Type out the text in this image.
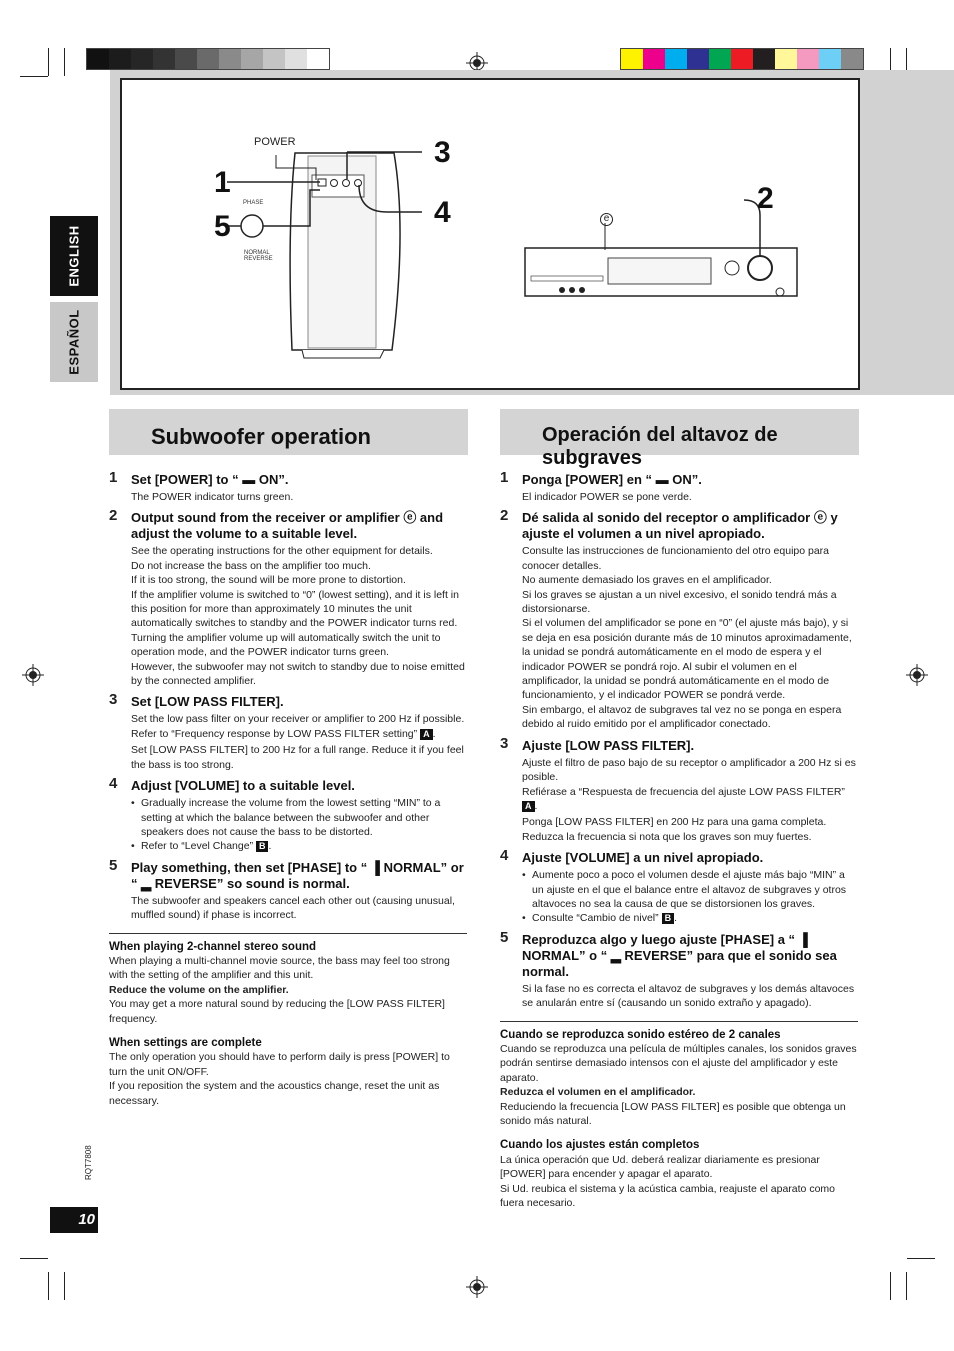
ENGLISH
ESPAÑOL
1
5
3
4	2
POWER
PHASE
NORMAL
REVERSE
e
Subwoofer operation	Operación del altavoz de subgraves
1 Set [POWER] to “ ▬ ON”.
The POWER indicator turns green.
2 Output sound from the receiver or amplifier ⓔ and adjust the volume to a suitable level.
See the operating instructions for the other equipment for details.
Do not increase the bass on the amplifier too much.
If it is too strong, the sound will be more prone to distortion.
If the amplifier volume is switched to “0” (lowest setting), and it is left in this position for more than approximately 10 minutes the unit automatically switches to standby and the POWER indicator turns red. Turning the amplifier volume up will automatically switch the unit to operation mode, and the POWER indicator turns green.
However, the subwoofer may not switch to standby due to noise emitted by the connected amplifier.
3 Set [LOW PASS FILTER].
Set the low pass filter on your receiver or amplifier to 200 Hz if possible.
Refer to “Frequency response by LOW PASS FILTER setting” A .
Set [LOW PASS FILTER] to 200 Hz for a full range. Reduce it if you feel the bass is too strong.
4 Adjust [VOLUME] to a suitable level.
• Gradually increase the volume from the lowest setting “MIN” to a setting at which the balance between the subwoofer and other speakers does not cause the bass to be distorted.
• Refer to “Level Change” B .
5 Play something, then set [PHASE] to “ ▐ NORMAL” or “ ▂ REVERSE” so sound is normal.
The subwoofer and speakers cancel each other out (causing unusual, muffled sound) if phase is incorrect.
When playing 2-channel stereo sound
When playing a multi-channel movie source, the bass may feel too strong with the setting of the amplifier and this unit.
Reduce the volume on the amplifier.
You may get a more natural sound by reducing the [LOW PASS FILTER] frequency.
When settings are complete
The only operation you should have to perform daily is press [POWER] to turn the unit ON/OFF.
If you reposition the system and the acoustics change, reset the unit as necessary.
1 Ponga [POWER] en “ ▬ ON”.
El indicador POWER se pone verde.
2 Dé salida al sonido del receptor o amplificador ⓔ y ajuste el volumen a un nivel apropiado.
Consulte las instrucciones de funcionamiento del otro equipo para conocer detalles.
No aumente demasiado los graves en el amplificador.
Si los graves se ajustan a un nivel excesivo, el sonido tendrá más a distorsionarse.
Si el volumen del amplificador se pone en “0” (el ajuste más bajo), y si se deja en esa posición durante más de 10 minutos aproximadamente, la unidad se pondrá automáticamente en el modo de espera y el indicador POWER se pondrá rojo. Al subir el volumen en el amplificador, la unidad se pondrá automáticamente en el modo de funcionamiento, y el indicador POWER se pondrá verde.
Sin embargo, el altavoz de subgraves tal vez no se ponga en espera debido al ruido emitido por el amplificador conectado.
3 Ajuste [LOW PASS FILTER].
Ajuste el filtro de paso bajo de su receptor o amplificador a 200 Hz si es posible.
Refiérase a “Respuesta de frecuencia del ajuste LOW PASS FILTER” A .
Ponga [LOW PASS FILTER] en 200 Hz para una gama completa. Reduzca la frecuencia si nota que los graves son muy fuertes.
4 Ajuste [VOLUME] a un nivel apropiado.
• Aumente poco a poco el volumen desde el ajuste más bajo “MIN” a un ajuste en el que el balance entre el altavoz de subgraves y otros altavoces no sea la causa de que se distorsionen los graves.
• Consulte “Cambio de nivel” B .
5 Reproduzca algo y luego ajuste [PHASE] a “ ▐ NORMAL” o “ ▂ REVERSE” para que el sonido sea normal.
Si la fase no es correcta el altavoz de subgraves y los demás altavoces se anularán entre sí (causando un sonido extraño y apagado).
Cuando se reproduzca sonido estéreo de 2 canales
Cuando se reproduzca una película de múltiples canales, los sonidos graves podrán sentirse demasiado intensos con el ajuste del amplificador y este aparato.
Reduzca el volumen en el amplificador.
Reduciendo la frecuencia [LOW PASS FILTER] es posible que obtenga un sonido más natural.
Cuando los ajustes están completos
La única operación que Ud. deberá realizar diariamente es presionar [POWER] para encender y apagar el aparato.
Si Ud. reubica el sistema y la acústica cambia, reajuste el aparato como fuera necesario.
10
RQT7808
